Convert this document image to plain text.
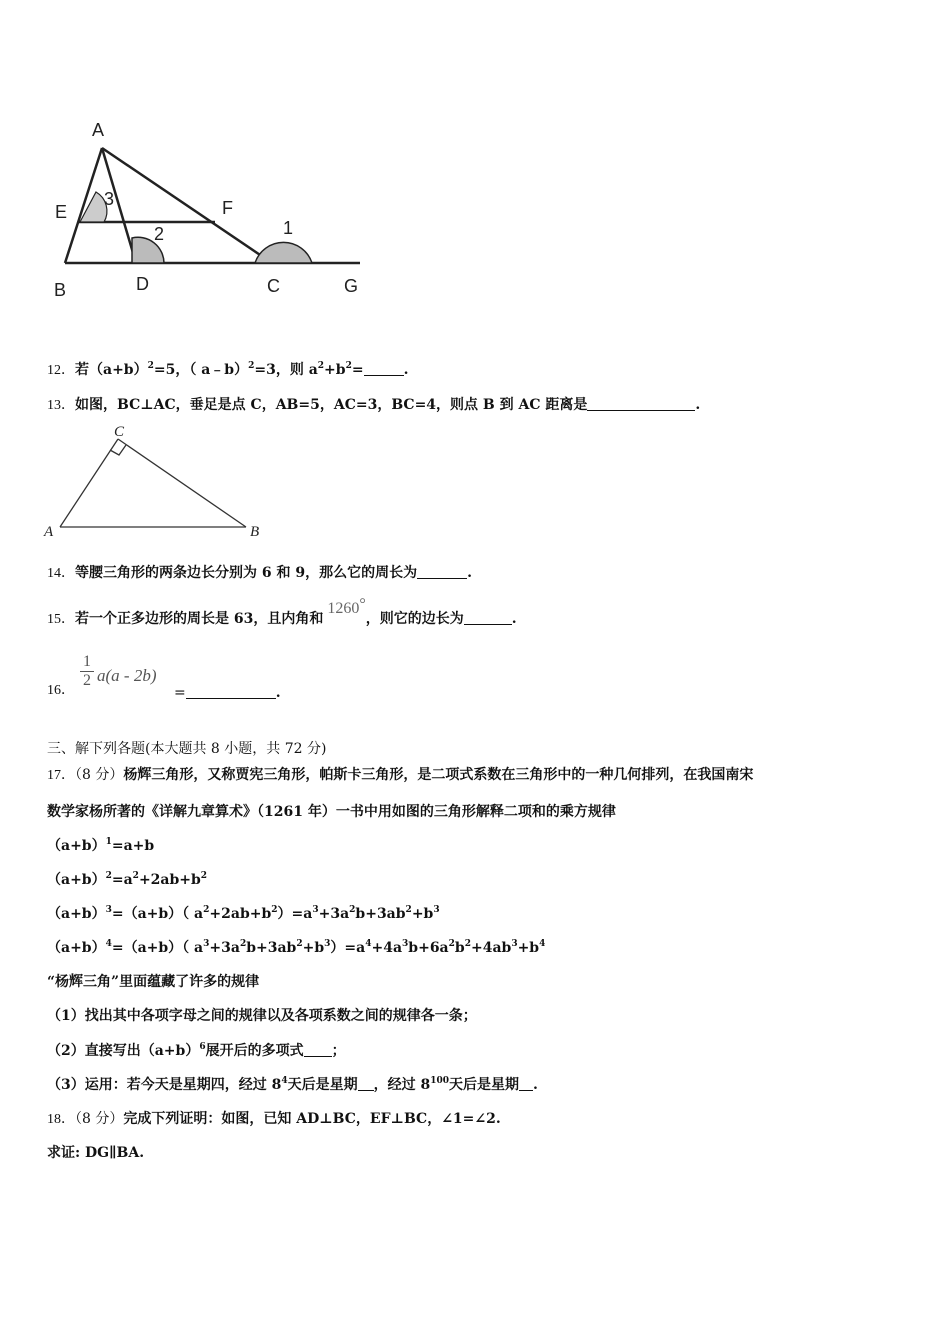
A
E	F
B	D	C	G
1
2
3
12．若$(a+b)^2=5$，（ a﹣b）$^2$=3，则 $a^2+b^2=$	.
13．如图，BC⊥AC，垂足是点 C，AB=5，AC=3，BC=4，则点 B 到 AC 距离是	.
C
A	B
14．等腰三角形的两条边长分别为 6 和 9，那么它的周长为	.
15．若一个正多边形的周长是 63，且内角和1260°，则它的边长为	.
16．
$\frac{1}{2} a(a - 2b)$
=	.
三、解下列各题(本大题共 8 小题，共 72 分)
17．（8 分）杨辉三角形，又称贾宪三角形，帕斯卡三角形，是二项式系数在三角形中的一种几何排列，在我国南宋
数学家杨所著的《详解九章算术》（1261 年）一书中用如图的三角形解释二项和的乘方规律
$(a+b)^1=a+b$
$(a+b)^2=a^2+2ab+b^2$
$(a+b)^3=(a+b)$（ $a^2+2ab+b^2)=a^3+3a^2b+3ab^2+b^3$
$(a+b)^4=(a+b)$（ $a^3+3a^2b+3ab^2+b^3)=a^4+4a^3b+6a^2b^2+4ab^3+b^4$
“杨辉三角”里面蕴藏了许多的规律
（1）找出其中各项字母之间的规律以及各项系数之间的规律各一条；
（2）直接写出$(a+b)^6$展开后的多项式 ；
（3）运用：若今天是星期四，经过 $8^4$天后是星期 ，经过 $8^{100}$天后是星期 .
18．（8 分）完成下列证明：如图，已知 AD⊥BC，EF⊥BC，∠1=∠2.
求证: DG∥BA.
